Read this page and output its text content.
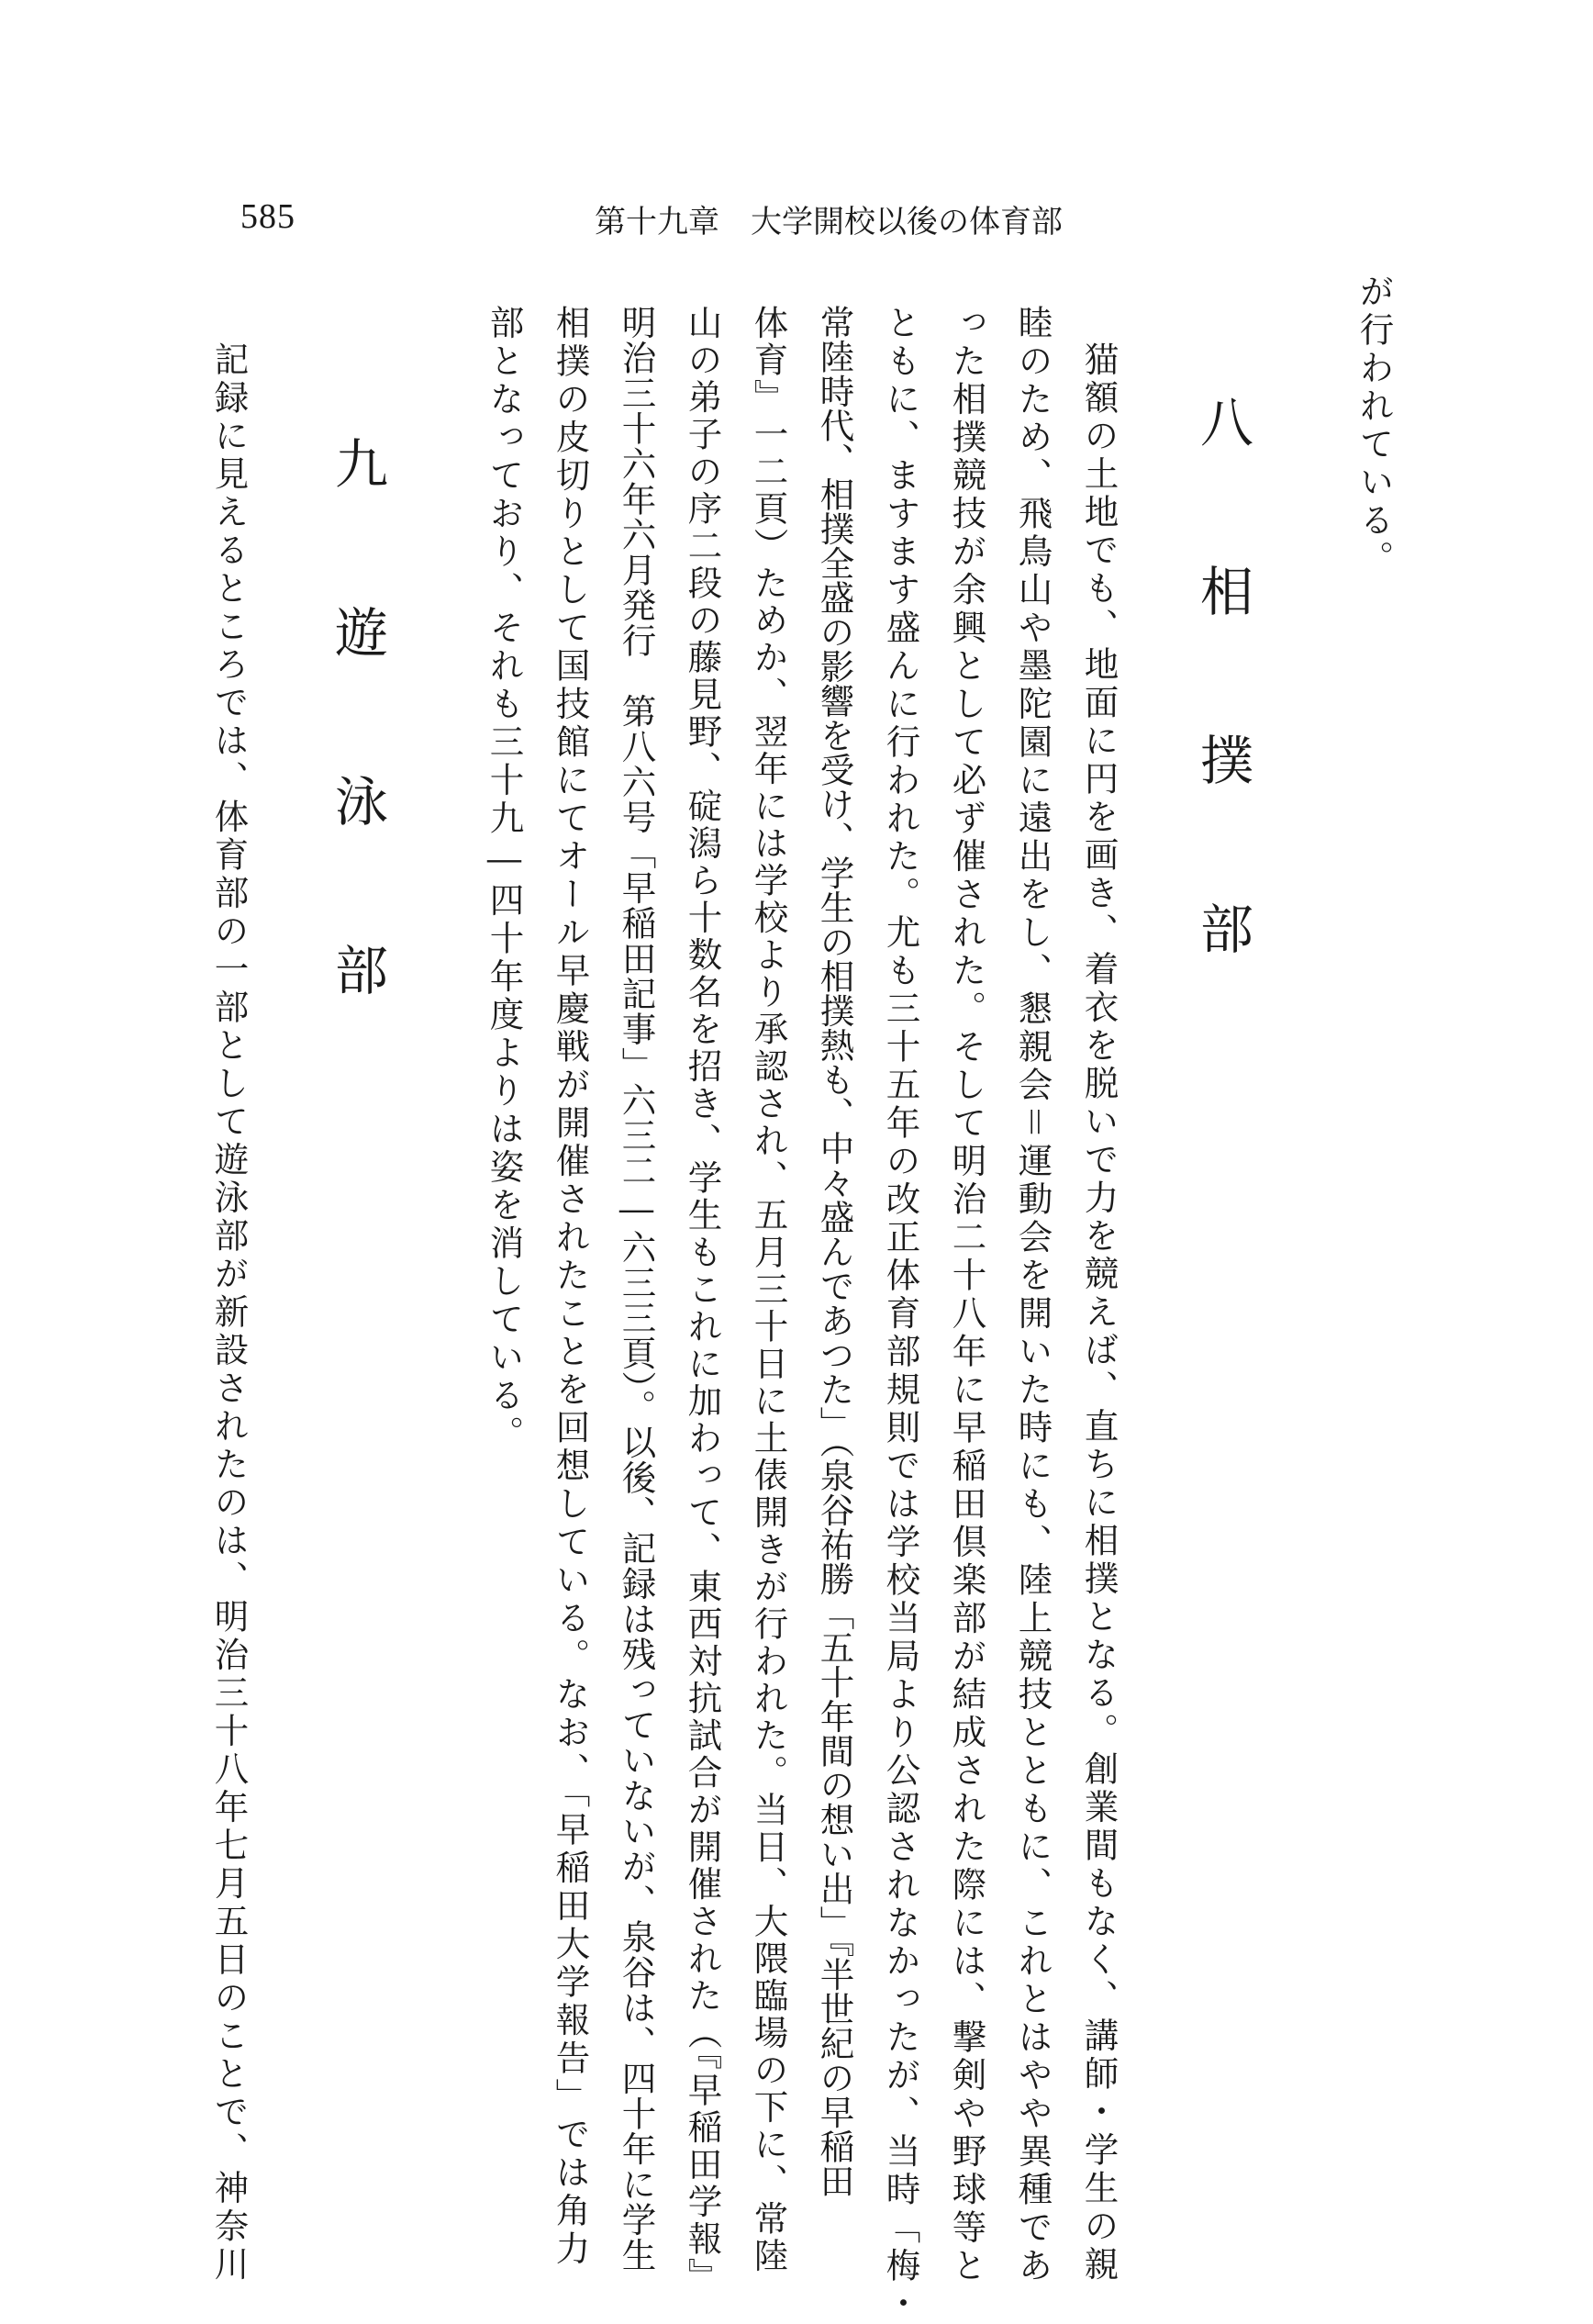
585	第十九章　大学開校以後の体育部
が行われている。
八　相　撲　部
猫額の土地でも、地面に円を画き、着衣を脱いで力を競えば、直ちに相撲となる。創業間もなく、講師・学生の親
睦のため、飛鳥山や墨陀園に遠出をし、懇親会＝運動会を開いた時にも、陸上競技とともに、これとはやや異種であ
った相撲競技が余興として必ず催された。そして明治二十八年に早稲田倶楽部が結成された際には、撃剣や野球等と
ともに、ますます盛んに行われた。尤も三十五年の改正体育部規則では学校当局より公認されなかったが、当時「梅・
常陸時代、相撲全盛の影響を受け、学生の相撲熱も、中々盛んであつた」（泉谷祐勝「五十年間の想い出」『半世紀の早稲田
体育』一二頁）ためか、翌年には学校より承認され、五月三十日に土俵開きが行われた。当日、大隈臨場の下に、常陸
山の弟子の序二段の藤見野、碇潟ら十数名を招き、学生もこれに加わって、東西対抗試合が開催された（『早稲田学報』
明治三十六年六月発行　第八六号「早稲田記事」六三二―六三三頁）。以後、記録は残っていないが、泉谷は、四十年に学生
相撲の皮切りとして国技館にてオール早慶戦が開催されたことを回想している。なお、「早稲田大学報告」では角力
部となっており、それも三十九―四十年度よりは姿を消している。
九　遊　泳　部
記録に見えるところでは、体育部の一部として遊泳部が新設されたのは、明治三十八年七月五日のことで、神奈川
